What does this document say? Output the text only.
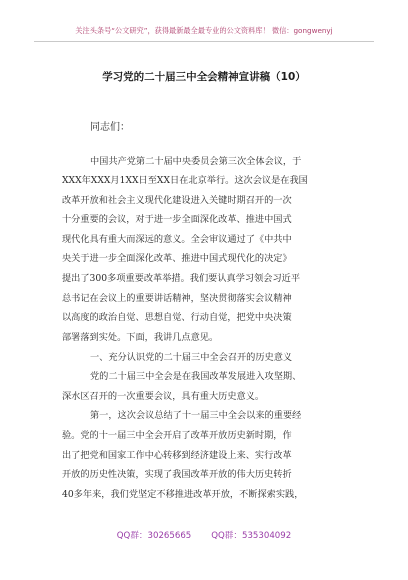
关注头条号“公文研究”，获得最新最全最专业的公文资料库！ 微信：gongwenyj
学习党的二十届三中全会精神宣讲稿（10）
同志们：
中国共产党第二十届中央委员会第三次全体会议，于
XXX年XXX月1XX日至XX日在北京举行。这次会议是在我国
改革开放和社会主义现代化建设进入关键时期召开的一次
十分重要的会议，对于进一步全面深化改革、推进中国式
现代化具有重大而深远的意义。全会审议通过了《中共中
央关于进一步全面深化改革、推进中国式现代化的决定》
提出了300多项重要改革举措。我们要认真学习领会习近平
总书记在会议上的重要讲话精神，坚决贯彻落实会议精神
以高度的政治自觉、思想自觉、行动自觉，把党中央决策
部署落到实处。下面，我讲几点意见。
一、充分认识党的二十届三中全会召开的历史意义
党的二十届三中全会是在我国改革发展进入攻坚期、
深水区召开的一次重要会议，具有重大历史意义。
第一，这次会议总结了十一届三中全会以来的重要经
验。党的十一届三中全会开启了改革开放历史新时期，作
出了把党和国家工作中心转移到经济建设上来、实行改革
开放的历史性决策，实现了我国改革开放的伟大历史转折
40多年来，我们党坚定不移推进改革开放，不断探索实践，
QQ群：30265665 QQ群：535304092
